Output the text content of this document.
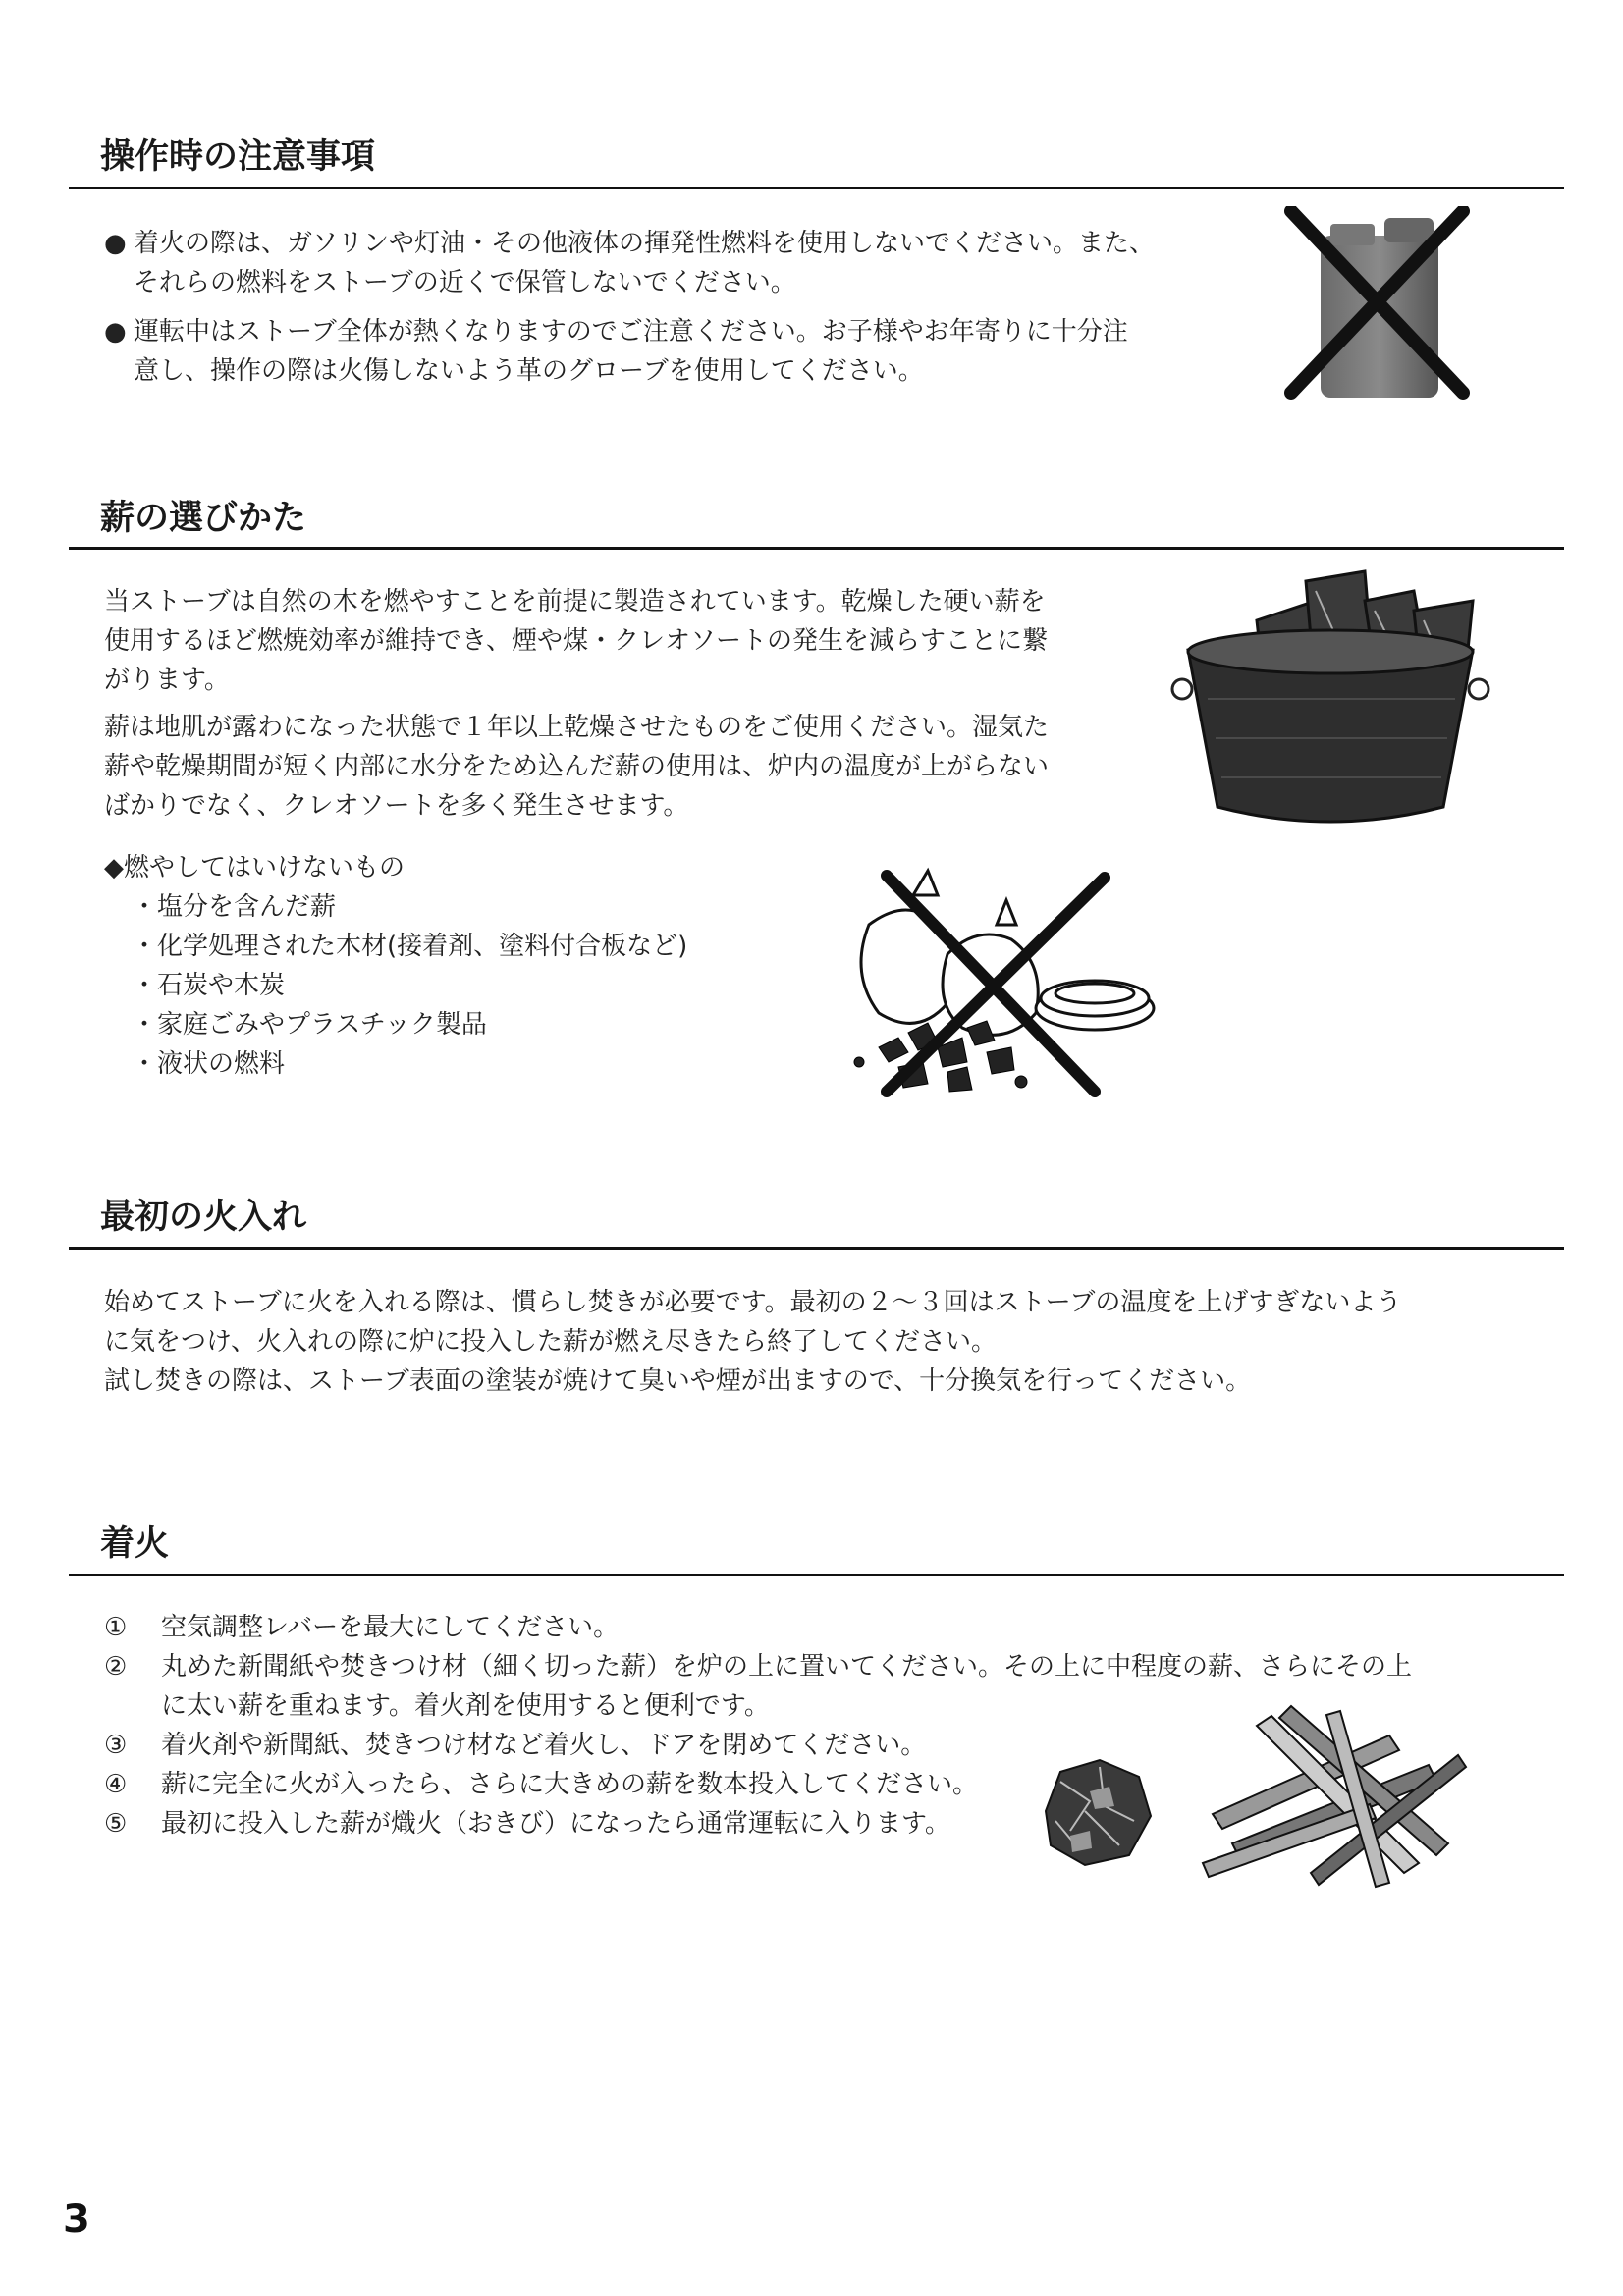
操作時の注意事項
● 着火の際は、ガソリンや灯油・その他液体の揮発性燃料を使用しないでください。また、
それらの燃料をストーブの近くで保管しないでください。
● 運転中はストーブ全体が熱くなりますのでご注意ください。お子様やお年寄りに十分注
意し、操作の際は火傷しないよう革のグローブを使用してください。
薪の選びかた
当ストーブは自然の木を燃やすことを前提に製造されています。乾燥した硬い薪を
使用するほど燃焼効率が維持でき、煙や煤・クレオソートの発生を減らすことに繋
がります。
薪は地肌が露わになった状態で１年以上乾燥させたものをご使用ください。湿気た
薪や乾燥期間が短く内部に水分をため込んだ薪の使用は、炉内の温度が上がらない
ばかりでなく、クレオソートを多く発生させます。
◆燃やしてはいけないもの
・塩分を含んだ薪
・化学処理された木材(接着剤、塗料付合板など)
・石炭や木炭
・家庭ごみやプラスチック製品
・液状の燃料
最初の火入れ
始めてストーブに火を入れる際は、慣らし焚きが必要です。最初の２～３回はストーブの温度を上げすぎないよう
に気をつけ、火入れの際に炉に投入した薪が燃え尽きたら終了してください。
試し焚きの際は、ストーブ表面の塗装が焼けて臭いや煙が出ますので、十分換気を行ってください。
着火
① 空気調整レバーを最大にしてください。
② 丸めた新聞紙や焚きつけ材（細く切った薪）を炉の上に置いてください。その上に中程度の薪、さらにその上
に太い薪を重ねます。着火剤を使用すると便利です。
③ 着火剤や新聞紙、焚きつけ材など着火し、ドアを閉めてください。
④ 薪に完全に火が入ったら、さらに大きめの薪を数本投入してください。
⑤ 最初に投入した薪が熾火（おきび）になったら通常運転に入ります。
3
